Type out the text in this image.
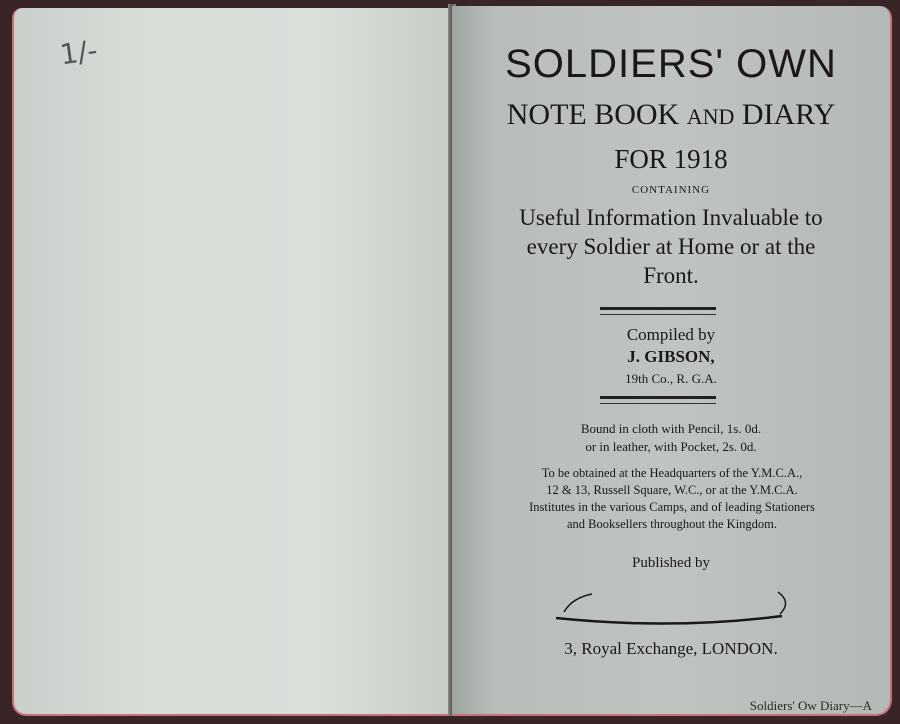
1/-	SOLDIERS' OWN
NOTE BOOK AND DIARY
FOR 1918
CONTAINING
Useful Information Invaluable to
every Soldier at Home or at the
Front.
Compiled by
J. GIBSON,
19th Co., R. G.A.
Bound in cloth with Pencil, 1s. 0d.
or in leather, with Pocket, 2s. 0d.
To be obtained at the Headquarters of the Y.M.C.A.,
12 & 13, Russell Square, W.C., or at the Y.M.C.A.
Institutes in the various Camps, and of leading Stationers
and Booksellers throughout the Kingdom.
Published by
3, Royal Exchange, LONDON.
Soldiers' Ow Diary—A
